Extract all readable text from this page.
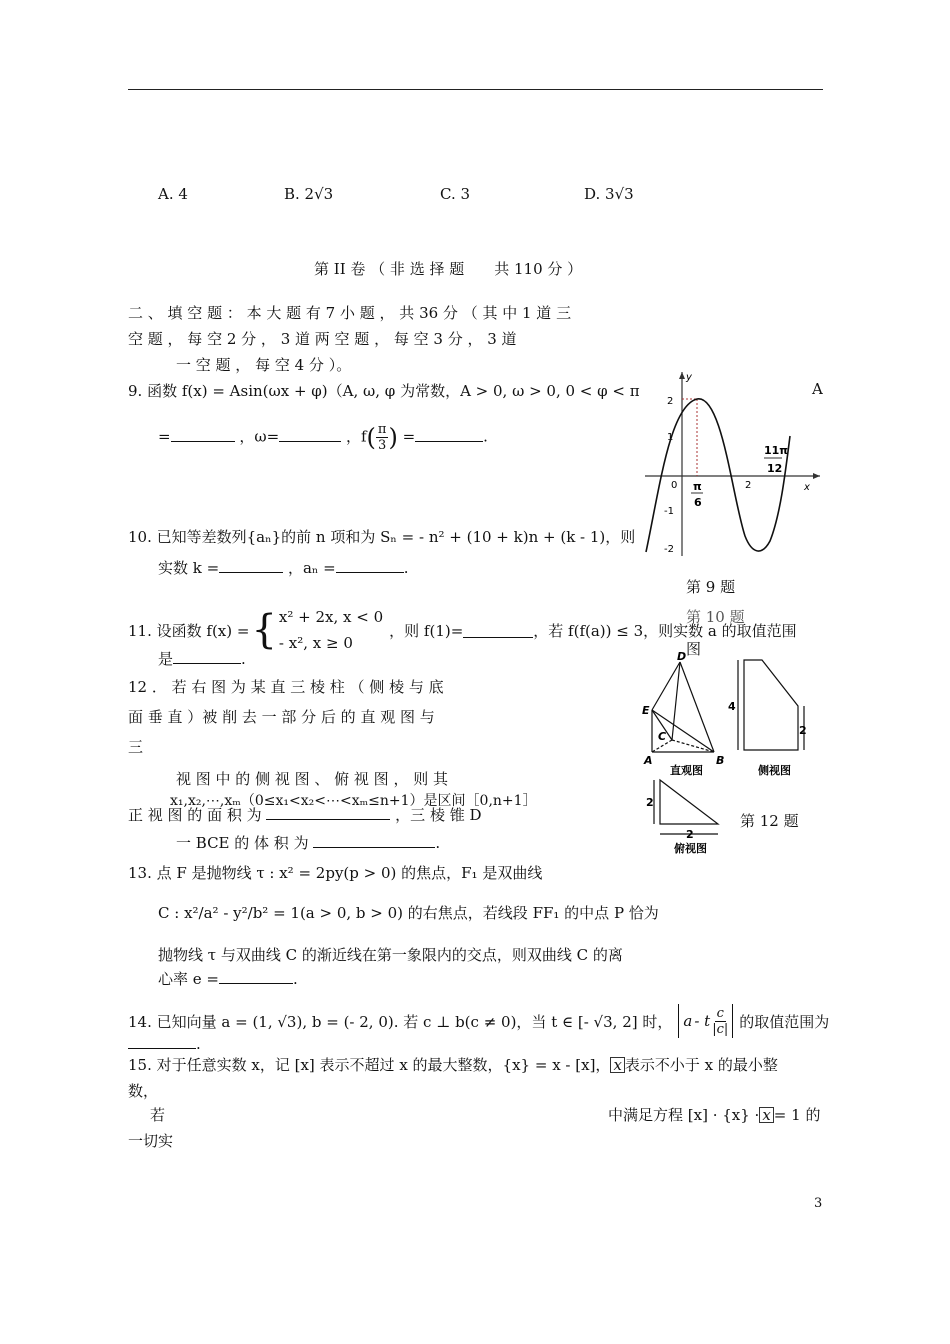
A. 4	B. 2√3	C. 3	D. 3√3
第 II 卷 （ 非 选 择 题　　共 110 分 ）
二 、 填 空 题 ： 本 大 题 有 7 小 题 ， 共 36 分 （ 其 中 1 道 三
空 题 ， 每 空 2 分 ， 3 道 两 空 题 ， 每 空 3 分 ， 3 道
一 空 题 ， 每 空 4 分 ）。
9. 函数 f(x) = Asin(ωx + φ)（A, ω, φ 为常数，A > 0, ω > 0, 0 < φ < π	A
=	，ω=	，$f( \frac{\pi}{3}$ ) =	.
y
x
2
1
-1
-2
0	2
π
6
11π
12
第 9 题
10. 已知等差数列{aₙ}的前 n 项和为 Sₙ = - n² + (10 + k)n + (k - 1)，则
实数 k =	，aₙ =	.
11. 设函数 f(x) = { x² + 2x, x < 0
- x², x ≥ 0
，则 f(1)=	，若 f(f(a)) ≤ 3，则实数 a 的取值范围
第 10 题
图
是	.
12 ． 若 右 图 为 某 直 三 棱 柱 （ 侧 棱 与 底
面 垂 直 ）被 削 去 一 部 分 后 的 直 观 图 与
三
视 图 中 的 侧 视 图 、 俯 视 图 ， 则 其
x₁,x₂,⋯,xₘ（0≤x₁<x₂<⋯<xₘ≤n+1）是区间［0,n+1］
正 视 图 的 面 积 为	，三 棱 锥 D
一 BCE 的 体 积 为	.
D
E
C
A	B
直观图
4
2
侧视图
2
2
俯视图
第 12 题
13. 点 F 是抛物线 τ : x² = 2py(p > 0) 的焦点，F₁ 是双曲线
C : x²/a² - y²/b² = 1(a > 0, b > 0) 的右焦点，若线段 FF₁ 的中点 P 恰为
抛物线 τ 与双曲线 C 的渐近线在第一象限内的交点，则双曲线 C 的离
心率 e =	.
14. 已知向量 a = (1, √3), b = (- 2, 0). 若 c ⊥ b(c ≠ 0)，当 t ∈ [- √3, 2] 时， a - t $\frac{c}{|c|}$ 的取值范围为
.
15. 对于任意实数 x，记 [x] 表示不超过 x 的最大整数，{x} = x - [x]， x 表示不小于 x 的最小整
数，
若	中满足方程 [x] · {x} · x = 1 的
一切实
3
